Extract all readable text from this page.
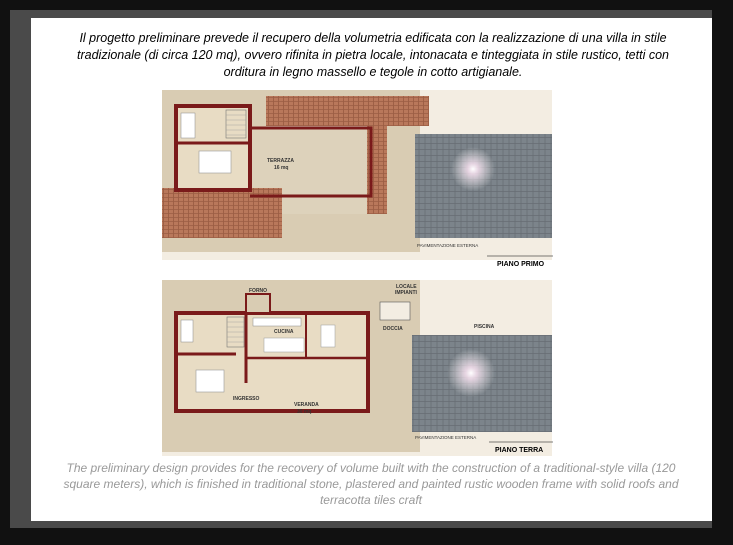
Il progetto preliminare prevede il recupero della volumetria edificata con la realizzazione di una villa in stile tradizionale (di circa 120 mq), ovvero rifinita in pietra locale, intonacata e tinteggiata in stile rustico, tetti con orditura in legno massello e tegole in cotto artigianale.

TERRAZZA
16 mq
PAVIMENTAZIONE ESTERNA
PIANO PRIMO
FORNO
CUCINA
INGRESSO
VERANDA
30 mq
LOCALE
IMPIANTI
DOCCIA	PISCINA
PAVIMENTAZIONE ESTERNA
PIANO TERRA

The preliminary design provides for the recovery of volume built with the construction of a traditional-style villa (120 square meters), which is finished in traditional stone, plastered and painted rustic wooden frame with solid roofs and terracotta tiles craft
